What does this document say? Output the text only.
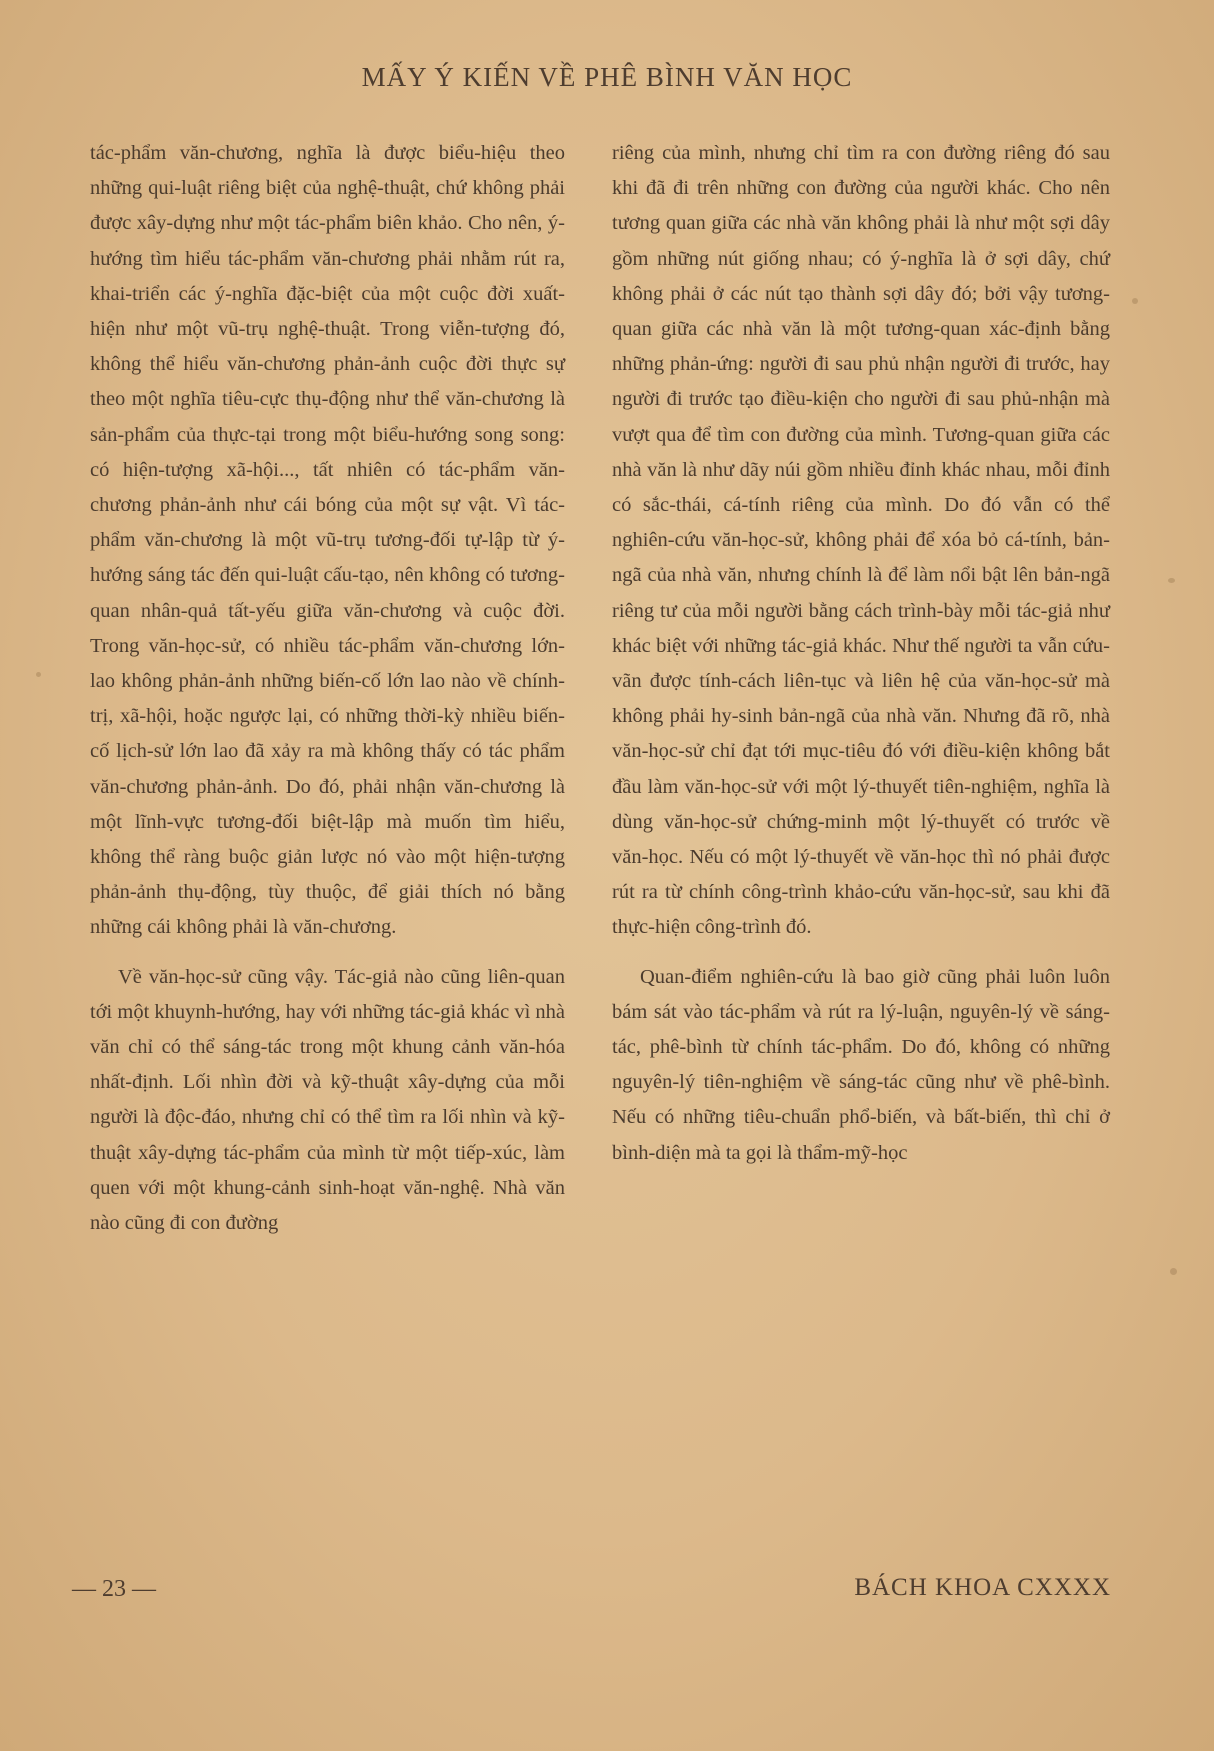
MẤY Ý KIẾN VỀ PHÊ BÌNH VĂN HỌC

tác-phẩm văn-chương, nghĩa là được biểu-hiệu theo những qui-luật riêng biệt của nghệ-thuật, chứ không phải được xây-dựng như một tác-phẩm biên khảo. Cho nên, ý-hướng tìm hiểu tác-phẩm văn-chương phải nhằm rút ra, khai-triển các ý-nghĩa đặc-biệt của một cuộc đời xuất-hiện như một vũ-trụ nghệ-thuật. Trong viễn-tượng đó, không thể hiểu văn-chương phản-ảnh cuộc đời thực sự theo một nghĩa tiêu-cực thụ-động như thể văn-chương là sản-phẩm của thực-tại trong một biểu-hướng song song: có hiện-tượng xã-hội..., tất nhiên có tác-phẩm văn-chương phản-ảnh như cái bóng của một sự vật. Vì tác-phẩm văn-chương là một vũ-trụ tương-đối tự-lập từ ý-hướng sáng tác đến qui-luật cấu-tạo, nên không có tương-quan nhân-quả tất-yếu giữa văn-chương và cuộc đời. Trong văn-học-sử, có nhiều tác-phẩm văn-chương lớn-lao không phản-ảnh những biến-cố lớn lao nào về chính-trị, xã-hội, hoặc ngược lại, có những thời-kỳ nhiều biến-cố lịch-sử lớn lao đã xảy ra mà không thấy có tác phẩm văn-chương phản-ảnh. Do đó, phải nhận văn-chương là một lĩnh-vực tương-đối biệt-lập mà muốn tìm hiểu, không thể ràng buộc giản lược nó vào một hiện-tượng phản-ảnh thụ-động, tùy thuộc, để giải thích nó bằng những cái không phải là văn-chương.

Về văn-học-sử cũng vậy. Tác-giả nào cũng liên-quan tới một khuynh-hướng, hay với những tác-giả khác vì nhà văn chỉ có thể sáng-tác trong một khung cảnh văn-hóa nhất-định. Lối nhìn đời và kỹ-thuật xây-dựng của mỗi người là độc-đáo, nhưng chỉ có thể tìm ra lối nhìn và kỹ-thuật xây-dựng tác-phẩm của mình từ một tiếp-xúc, làm quen với một khung-cảnh sinh-hoạt văn-nghệ. Nhà văn nào cũng đi con đường

riêng của mình, nhưng chỉ tìm ra con đường riêng đó sau khi đã đi trên những con đường của người khác. Cho nên tương quan giữa các nhà văn không phải là như một sợi dây gồm những nút giống nhau; có ý-nghĩa là ở sợi dây, chứ không phải ở các nút tạo thành sợi dây đó; bởi vậy tương-quan giữa các nhà văn là một tương-quan xác-định bằng những phản-ứng: người đi sau phủ nhận người đi trước, hay người đi trước tạo điều-kiện cho người đi sau phủ-nhận mà vượt qua để tìm con đường của mình. Tương-quan giữa các nhà văn là như dãy núi gồm nhiều đỉnh khác nhau, mỗi đỉnh có sắc-thái, cá-tính riêng của mình. Do đó vẫn có thể nghiên-cứu văn-học-sử, không phải để xóa bỏ cá-tính, bản-ngã của nhà văn, nhưng chính là để làm nổi bật lên bản-ngã riêng tư của mỗi người bằng cách trình-bày mỗi tác-giả như khác biệt với những tác-giả khác. Như thế người ta vẫn cứu-vãn được tính-cách liên-tục và liên hệ của văn-học-sử mà không phải hy-sinh bản-ngã của nhà văn. Nhưng đã rõ, nhà văn-học-sử chỉ đạt tới mục-tiêu đó với điều-kiện không bắt đầu làm văn-học-sử với một lý-thuyết tiên-nghiệm, nghĩa là dùng văn-học-sử chứng-minh một lý-thuyết có trước về văn-học. Nếu có một lý-thuyết về văn-học thì nó phải được rút ra từ chính công-trình khảo-cứu văn-học-sử, sau khi đã thực-hiện công-trình đó.

Quan-điểm nghiên-cứu là bao giờ cũng phải luôn luôn bám sát vào tác-phẩm và rút ra lý-luận, nguyên-lý về sáng-tác, phê-bình từ chính tác-phẩm. Do đó, không có những nguyên-lý tiên-nghiệm về sáng-tác cũng như về phê-bình. Nếu có những tiêu-chuẩn phổ-biến, và bất-biến, thì chỉ ở bình-diện mà ta gọi là thẩm-mỹ-học

— 23 —	BÁCH KHOA CXXXX
